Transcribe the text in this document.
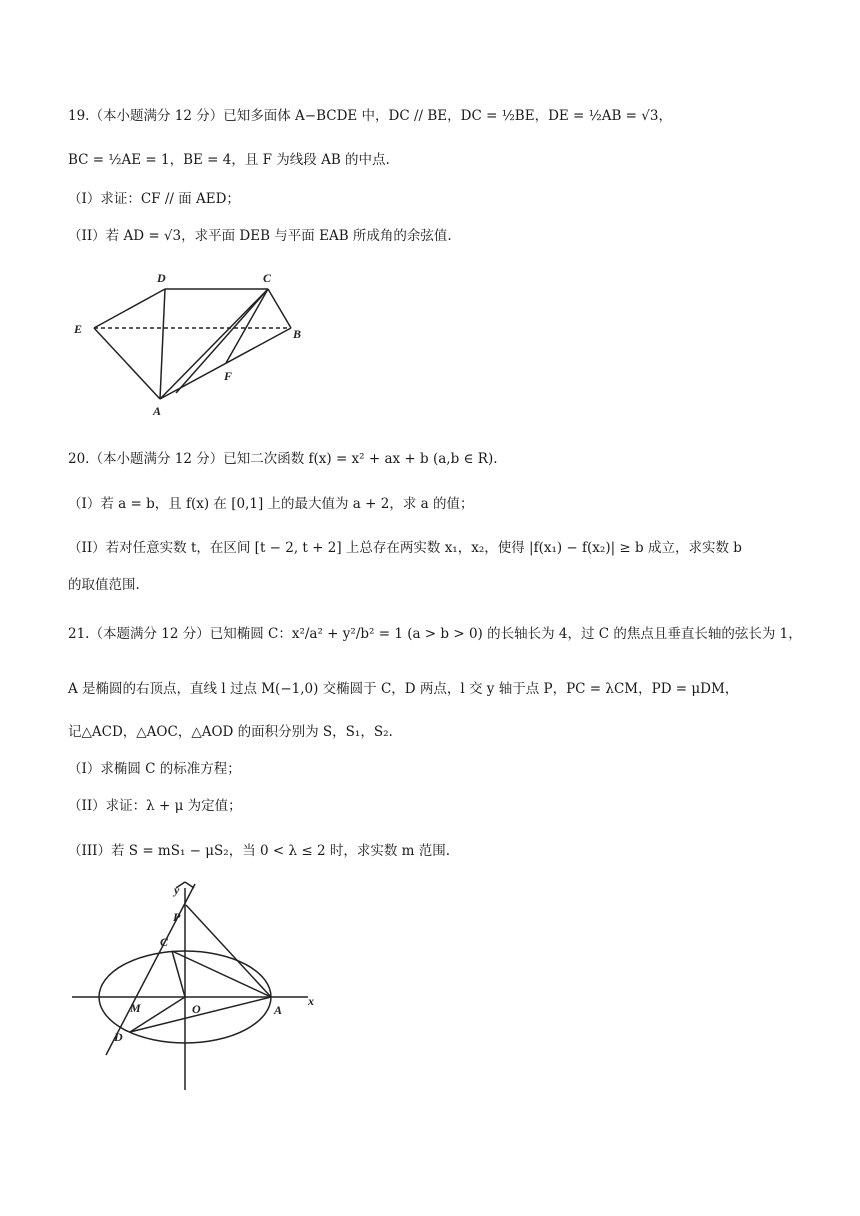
19.（本小题满分 12 分）已知多面体 A−BCDE 中，DC // BE，DC = ½BE，DE = ½AB = √3，
BC = ½AE = 1，BE = 4，且 F 为线段 AB 的中点.
（I）求证：CF // 面 AED；
（II）若 AD = √3，求平面 DEB 与平面 EAB 所成角的余弦值.
D	C
E	B
F
A
20.（本小题满分 12 分）已知二次函数 f(x) = x² + ax + b (a,b ∈ R).
（I）若 a = b，且 f(x) 在 [0,1] 上的最大值为 a + 2，求 a 的值；
（II）若对任意实数 t，在区间 [t − 2, t + 2] 上总存在两实数 x₁，x₂，使得 |f(x₁) − f(x₂)| ≥ b 成立，求实数 b
的取值范围.
21.（本题满分 12 分）已知椭圆 C：x²/a² + y²/b² = 1 (a > b > 0) 的长轴长为 4，过 C 的焦点且垂直长轴的弦长为 1，
A 是椭圆的右顶点，直线 l 过点 M(−1,0) 交椭圆于 C，D 两点，l 交 y 轴于点 P，PC = λCM，PD = μDM，
记△ACD，△AOC，△AOD 的面积分别为 S，S₁，S₂.
（I）求椭圆 C 的标准方程；
（II）求证：λ + μ 为定值；
（III）若 S = mS₁ − μS₂，当 0 < λ ≤ 2 时，求实数 m 范围.
y
P
C
M	O	A
x
D
